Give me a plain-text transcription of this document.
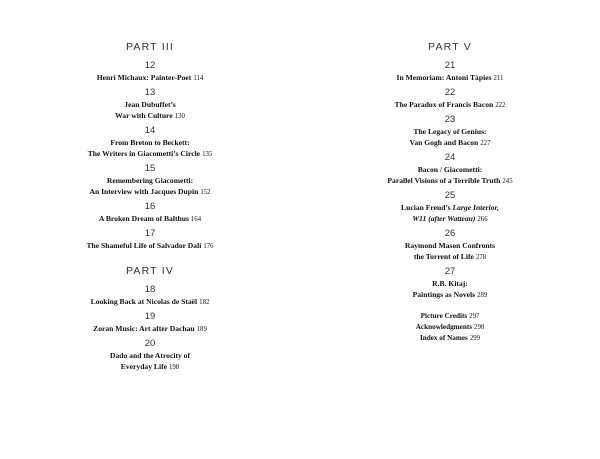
PART III
12
Henri Michaux: Painter-Poet 114
13
Jean Dubuffet’s
War with Culture 130
14
From Breton to Beckett:
The Writers in Giacometti’s Circle 135
15
Remembering Giacometti:
An Interview with Jacques Dupin 152
16
A Broken Dream of Balthus 164
17
The Shameful Life of Salvador Dalí 176
PART IV
18
Looking Back at Nicolas de Staël 182
19
Zoran Music: Art after Dachau 189
20
Dado and the Atrocity of
Everyday Life 198
PART V
21
In Memoriam: Antoni Tàpies 211
22
The Paradox of Francis Bacon 222
23
The Legacy of Genius:
Van Gogh and Bacon 227
24
Bacon / Giacometti:
Parallel Visions of a Terrible Truth 245
25
Lucian Freud’s Large Interior,
W11 (after Watteau) 266
26
Raymond Mason Confronts
the Torrent of Life 278
27
R.B. Kitaj:
Paintings as Novels 289
Picture Credits 297
Acknowledgments 298
Index of Names 299
